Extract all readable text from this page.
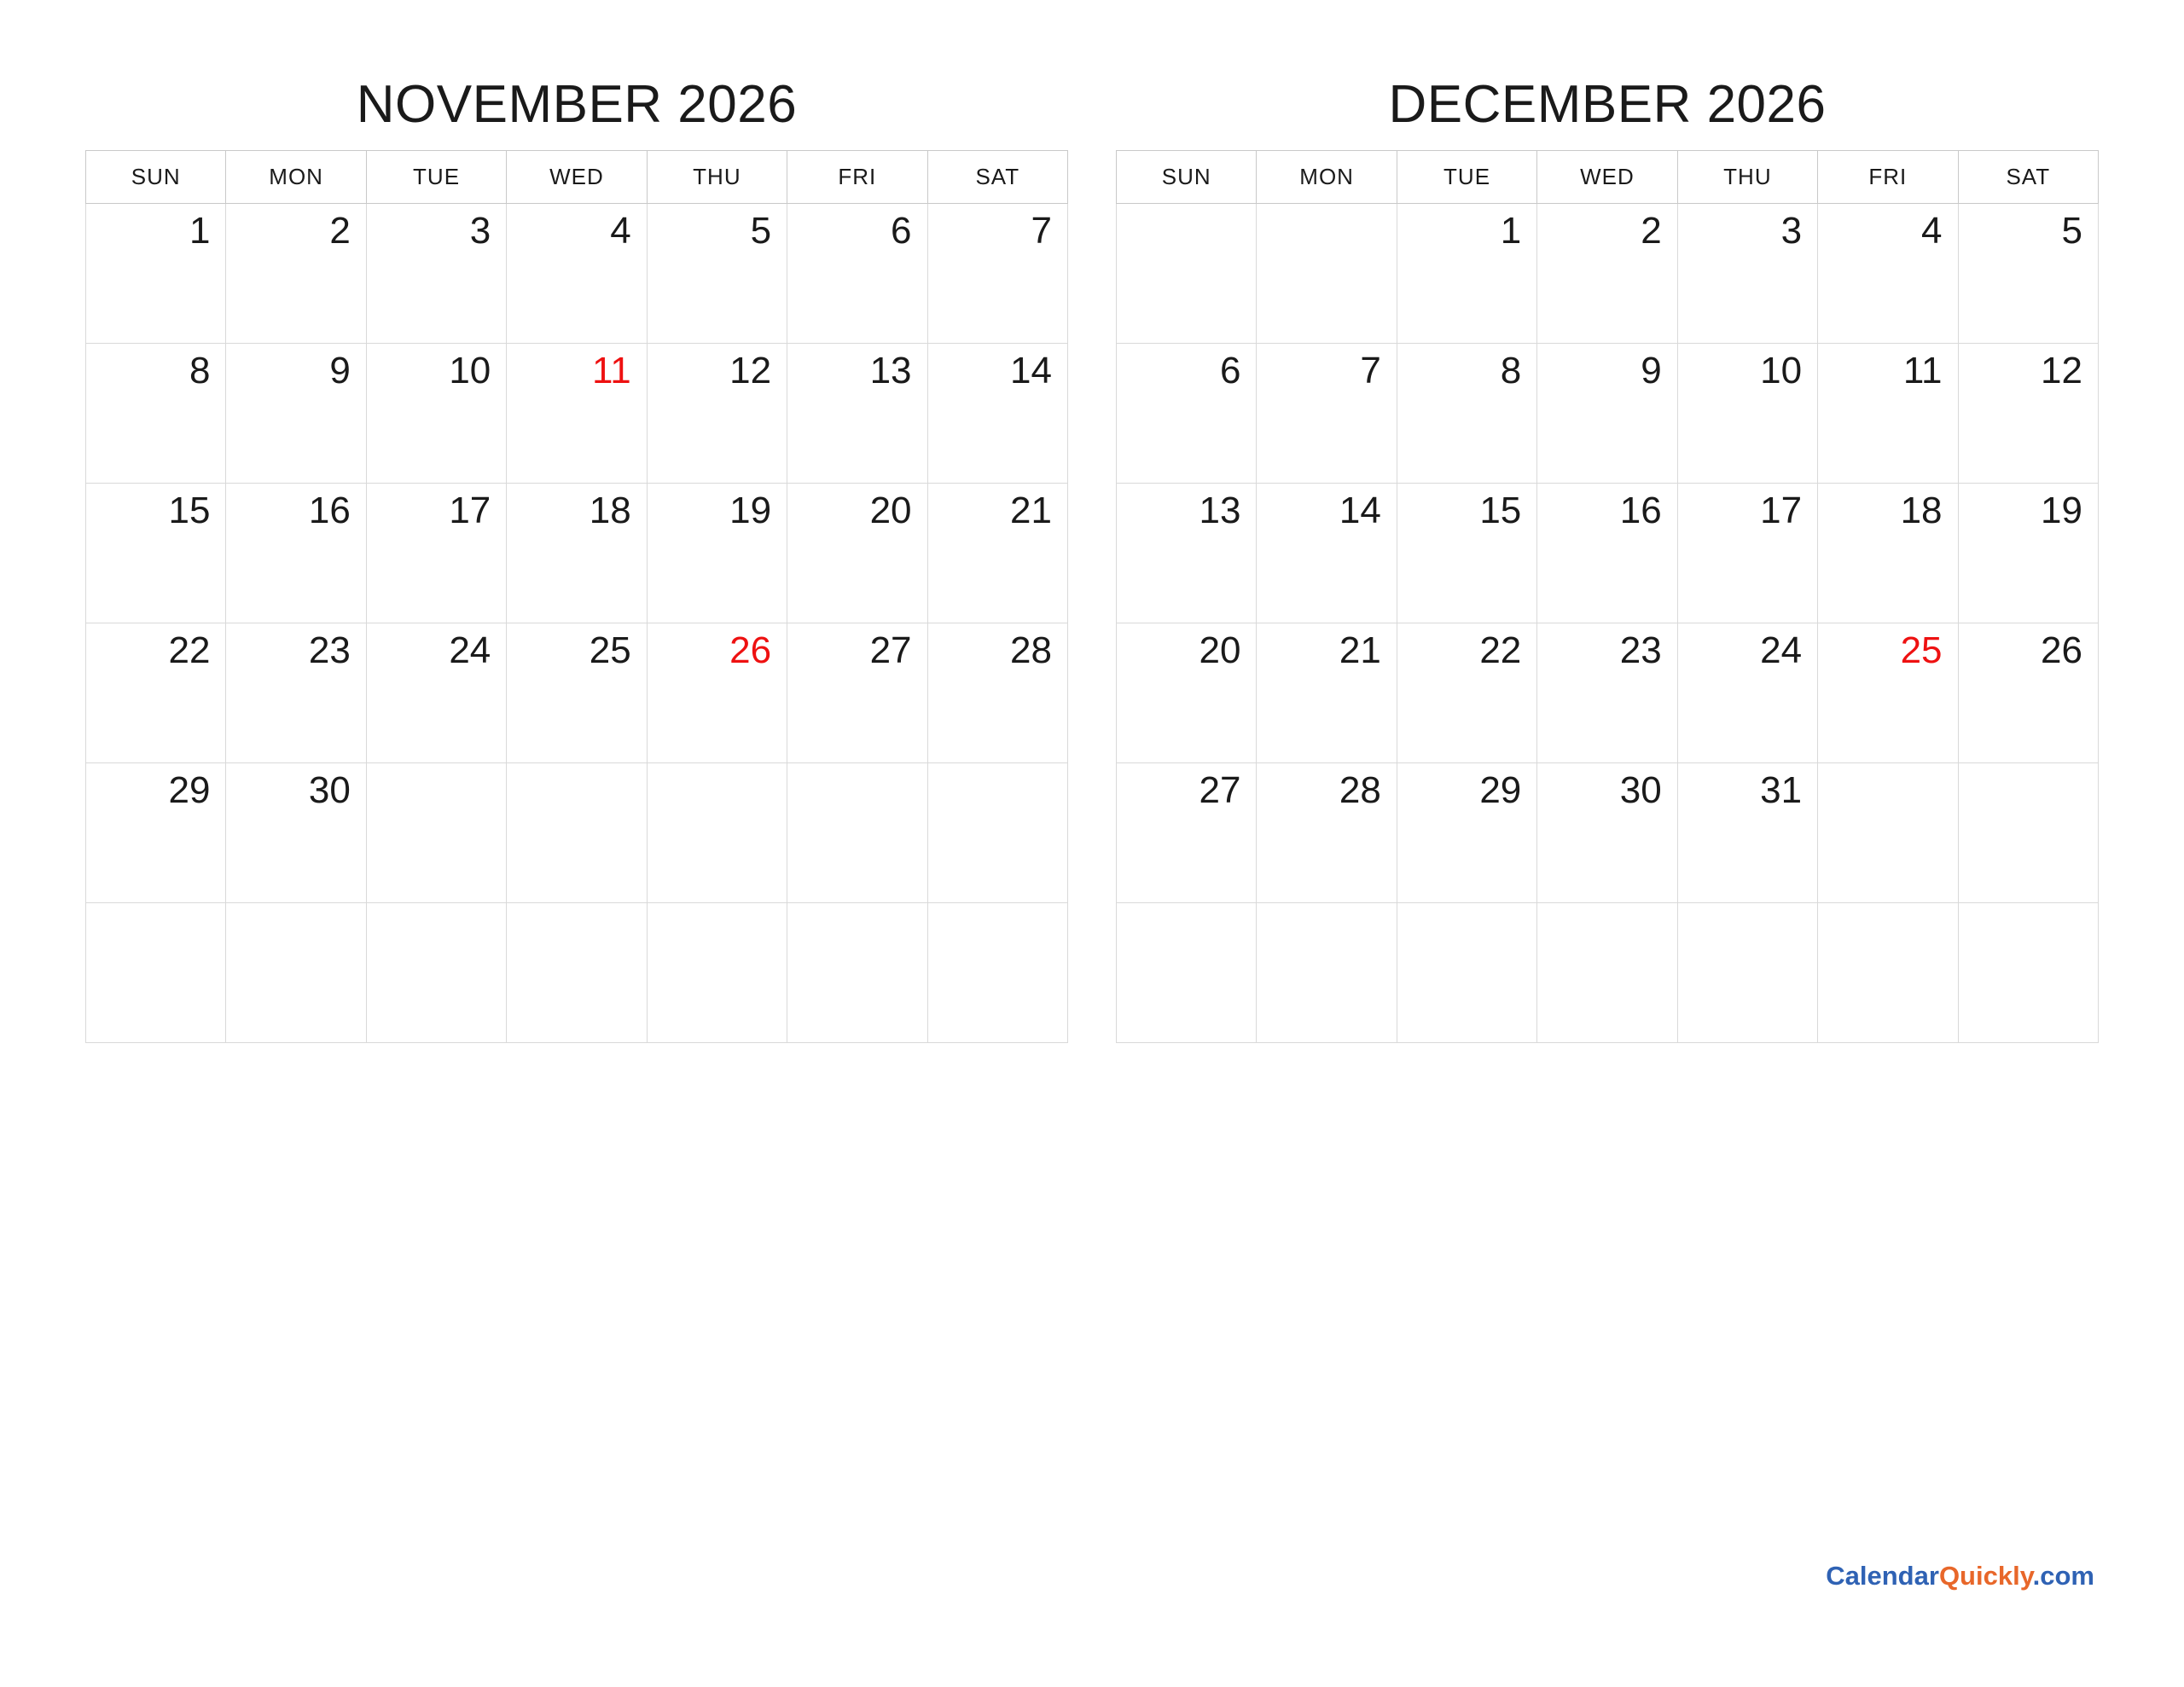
NOVEMBER 2026
SUN	MON	TUE	WED	THU	FRI	SAT
1	2	3	4	5	6	7
8	9	10	11	12	13	14
15	16	17	18	19	20	21
22	23	24	25	26	27	28
29	30					

DECEMBER 2026
SUN	MON	TUE	WED	THU	FRI	SAT
		1	2	3	4	5
6	7	8	9	10	11	12
13	14	15	16	17	18	19
20	21	22	23	24	25	26
27	28	29	30	31		

CalendarQuickly.com
